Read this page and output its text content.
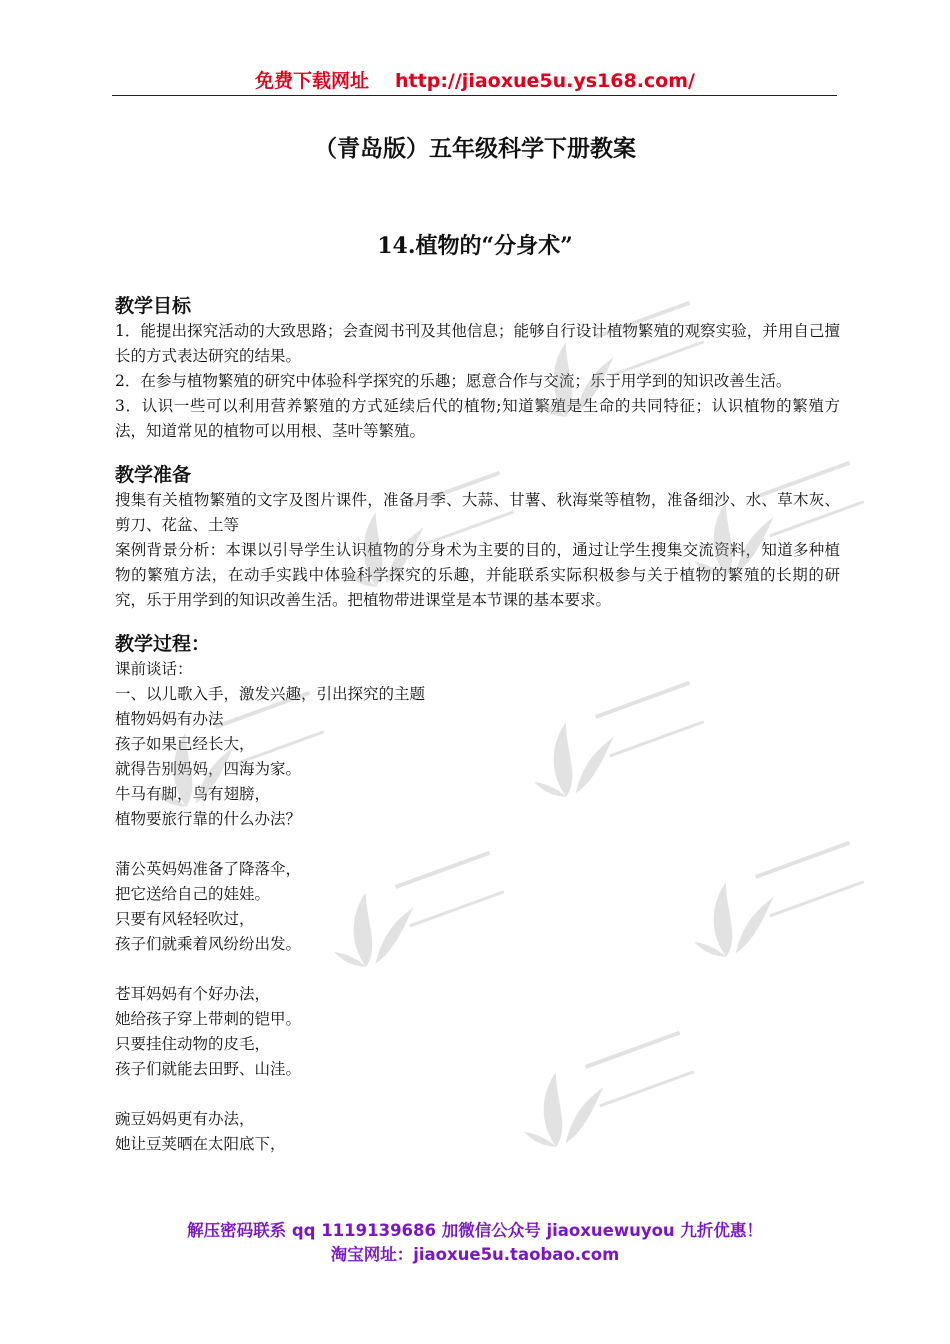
免费下载网址 http://jiaoxue5u.ys168.com/
（青岛版）五年级科学下册教案
14.植物的“分身术”

教学目标

1．能提出探究活动的大致思路；会查阅书刊及其他信息；能够自行设计植物繁殖的观察实验，并用自己擅长的方式表达研究的结果。

2．在参与植物繁殖的研究中体验科学探究的乐趣；愿意合作与交流；乐于用学到的知识改善生活。

3．认识一些可以利用营养繁殖的方式延续后代的植物;知道繁殖是生命的共同特征；认识植物的繁殖方法，知道常见的植物可以用根、茎叶等繁殖。

教学准备

搜集有关植物繁殖的文字及图片课件，准备月季、大蒜、甘薯、秋海棠等植物，准备细沙、水、草木灰、剪刀、花盆、土等

案例背景分析：本课以引导学生认识植物的分身术为主要的目的，通过让学生搜集交流资料，知道多种植物的繁殖方法，在动手实践中体验科学探究的乐趣，并能联系实际积极参与关于植物的繁殖的长期的研究，乐于用学到的知识改善生活。把植物带进课堂是本节课的基本要求。

教学过程：

课前谈话：

一、以儿歌入手，激发兴趣，引出探究的主题

植物妈妈有办法

孩子如果已经长大，

就得告别妈妈，四海为家。

牛马有脚，鸟有翅膀，

植物要旅行靠的什么办法？

蒲公英妈妈准备了降落伞，

把它送给自己的娃娃。

只要有风轻轻吹过，

孩子们就乘着风纷纷出发。

苍耳妈妈有个好办法，

她给孩子穿上带刺的铠甲。

只要挂住动物的皮毛，

孩子们就能去田野、山洼。

豌豆妈妈更有办法，

她让豆荚晒在太阳底下，

解压密码联系 qq 1119139686 加微信公众号 jiaoxuewuyou 九折优惠！
淘宝网址：jiaoxue5u.taobao.com
